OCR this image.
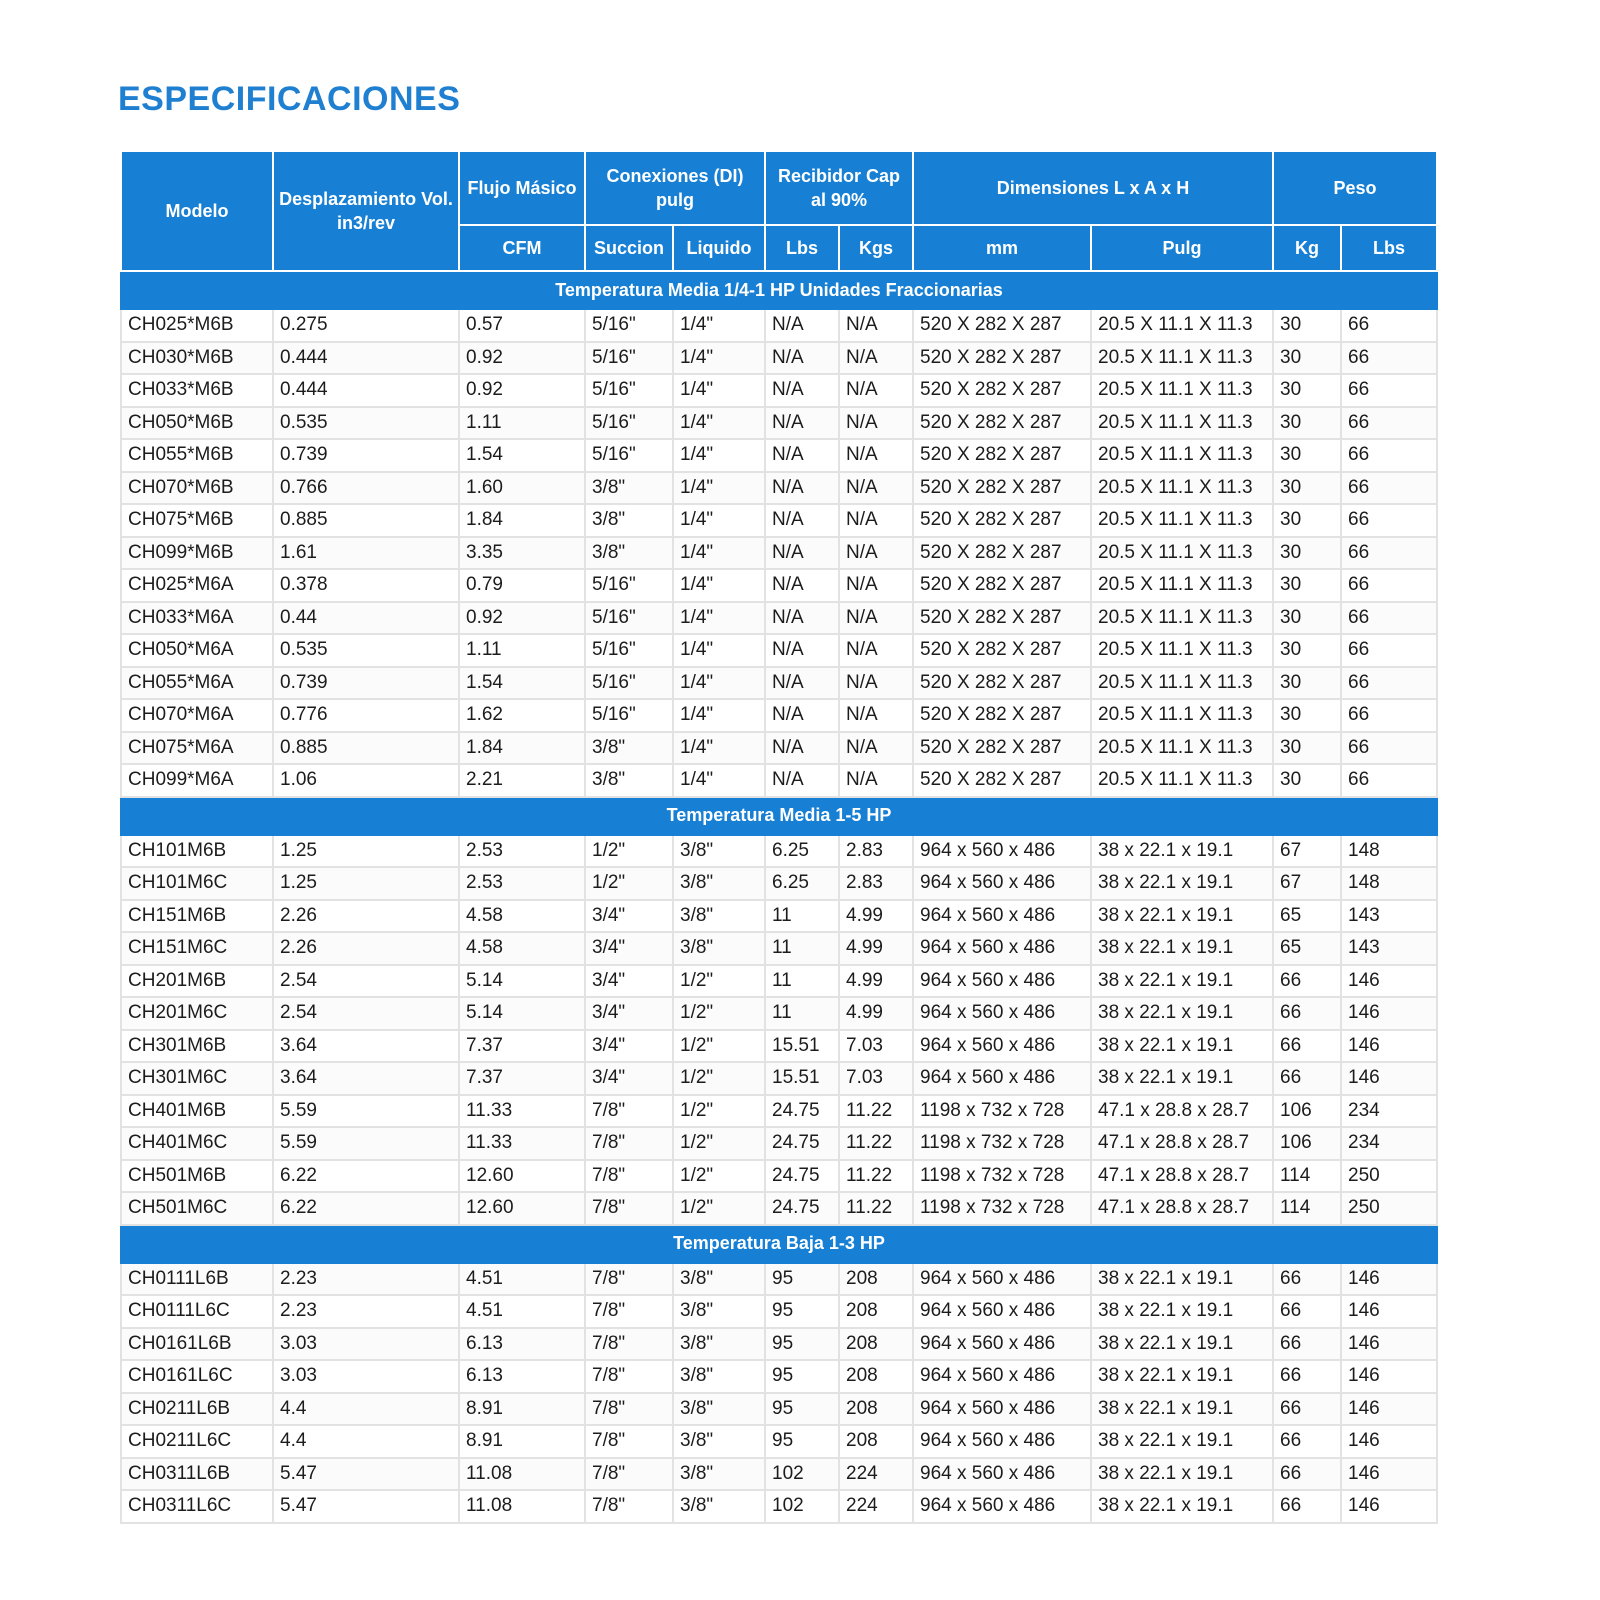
ESPECIFICACIONES
Modelo	Desplazamiento Vol. in3/rev	Flujo Másico	Conexiones (DI) pulg		Recibidor Cap al 90%		Dimensiones L x A x H		Peso	
		CFM	Succion	Liquido	Lbs	Kgs	mm	Pulg	Kg	Lbs
Temperatura Media 1/4-1 HP Unidades Fraccionarias										
CH025*M6B	0.275	0.57	5/16"	1/4"	N/A	N/A	520 X 282 X 287	20.5 X 11.1 X 11.3	30	66
CH030*M6B	0.444	0.92	5/16"	1/4"	N/A	N/A	520 X 282 X 287	20.5 X 11.1 X 11.3	30	66
CH033*M6B	0.444	0.92	5/16"	1/4"	N/A	N/A	520 X 282 X 287	20.5 X 11.1 X 11.3	30	66
CH050*M6B	0.535	1.11	5/16"	1/4"	N/A	N/A	520 X 282 X 287	20.5 X 11.1 X 11.3	30	66
CH055*M6B	0.739	1.54	5/16"	1/4"	N/A	N/A	520 X 282 X 287	20.5 X 11.1 X 11.3	30	66
CH070*M6B	0.766	1.60	3/8"	1/4"	N/A	N/A	520 X 282 X 287	20.5 X 11.1 X 11.3	30	66
CH075*M6B	0.885	1.84	3/8"	1/4"	N/A	N/A	520 X 282 X 287	20.5 X 11.1 X 11.3	30	66
CH099*M6B	1.61	3.35	3/8"	1/4"	N/A	N/A	520 X 282 X 287	20.5 X 11.1 X 11.3	30	66
CH025*M6A	0.378	0.79	5/16"	1/4"	N/A	N/A	520 X 282 X 287	20.5 X 11.1 X 11.3	30	66
CH033*M6A	0.44	0.92	5/16"	1/4"	N/A	N/A	520 X 282 X 287	20.5 X 11.1 X 11.3	30	66
CH050*M6A	0.535	1.11	5/16"	1/4"	N/A	N/A	520 X 282 X 287	20.5 X 11.1 X 11.3	30	66
CH055*M6A	0.739	1.54	5/16"	1/4"	N/A	N/A	520 X 282 X 287	20.5 X 11.1 X 11.3	30	66
CH070*M6A	0.776	1.62	5/16"	1/4"	N/A	N/A	520 X 282 X 287	20.5 X 11.1 X 11.3	30	66
CH075*M6A	0.885	1.84	3/8"	1/4"	N/A	N/A	520 X 282 X 287	20.5 X 11.1 X 11.3	30	66
CH099*M6A	1.06	2.21	3/8"	1/4"	N/A	N/A	520 X 282 X 287	20.5 X 11.1 X 11.3	30	66
Temperatura Media 1-5 HP										
CH101M6B	1.25	2.53	1/2"	3/8"	6.25	2.83	964 x 560 x 486	38 x 22.1 x 19.1	67	148
CH101M6C	1.25	2.53	1/2"	3/8"	6.25	2.83	964 x 560 x 486	38 x 22.1 x 19.1	67	148
CH151M6B	2.26	4.58	3/4"	3/8"	11	4.99	964 x 560 x 486	38 x 22.1 x 19.1	65	143
CH151M6C	2.26	4.58	3/4"	3/8"	11	4.99	964 x 560 x 486	38 x 22.1 x 19.1	65	143
CH201M6B	2.54	5.14	3/4"	1/2"	11	4.99	964 x 560 x 486	38 x 22.1 x 19.1	66	146
CH201M6C	2.54	5.14	3/4"	1/2"	11	4.99	964 x 560 x 486	38 x 22.1 x 19.1	66	146
CH301M6B	3.64	7.37	3/4"	1/2"	15.51	7.03	964 x 560 x 486	38 x 22.1 x 19.1	66	146
CH301M6C	3.64	7.37	3/4"	1/2"	15.51	7.03	964 x 560 x 486	38 x 22.1 x 19.1	66	146
CH401M6B	5.59	11.33	7/8"	1/2"	24.75	11.22	1198 x 732 x 728	47.1 x 28.8 x 28.7	106	234
CH401M6C	5.59	11.33	7/8"	1/2"	24.75	11.22	1198 x 732 x 728	47.1 x 28.8 x 28.7	106	234
CH501M6B	6.22	12.60	7/8"	1/2"	24.75	11.22	1198 x 732 x 728	47.1 x 28.8 x 28.7	114	250
CH501M6C	6.22	12.60	7/8"	1/2"	24.75	11.22	1198 x 732 x 728	47.1 x 28.8 x 28.7	114	250
Temperatura Baja 1-3 HP										
CH0111L6B	2.23	4.51	7/8"	3/8"	95	208	964 x 560 x 486	38 x 22.1 x 19.1	66	146
CH0111L6C	2.23	4.51	7/8"	3/8"	95	208	964 x 560 x 486	38 x 22.1 x 19.1	66	146
CH0161L6B	3.03	6.13	7/8"	3/8"	95	208	964 x 560 x 486	38 x 22.1 x 19.1	66	146
CH0161L6C	3.03	6.13	7/8"	3/8"	95	208	964 x 560 x 486	38 x 22.1 x 19.1	66	146
CH0211L6B	4.4	8.91	7/8"	3/8"	95	208	964 x 560 x 486	38 x 22.1 x 19.1	66	146
CH0211L6C	4.4	8.91	7/8"	3/8"	95	208	964 x 560 x 486	38 x 22.1 x 19.1	66	146
CH0311L6B	5.47	11.08	7/8"	3/8"	102	224	964 x 560 x 486	38 x 22.1 x 19.1	66	146
CH0311L6C	5.47	11.08	7/8"	3/8"	102	224	964 x 560 x 486	38 x 22.1 x 19.1	66	146
